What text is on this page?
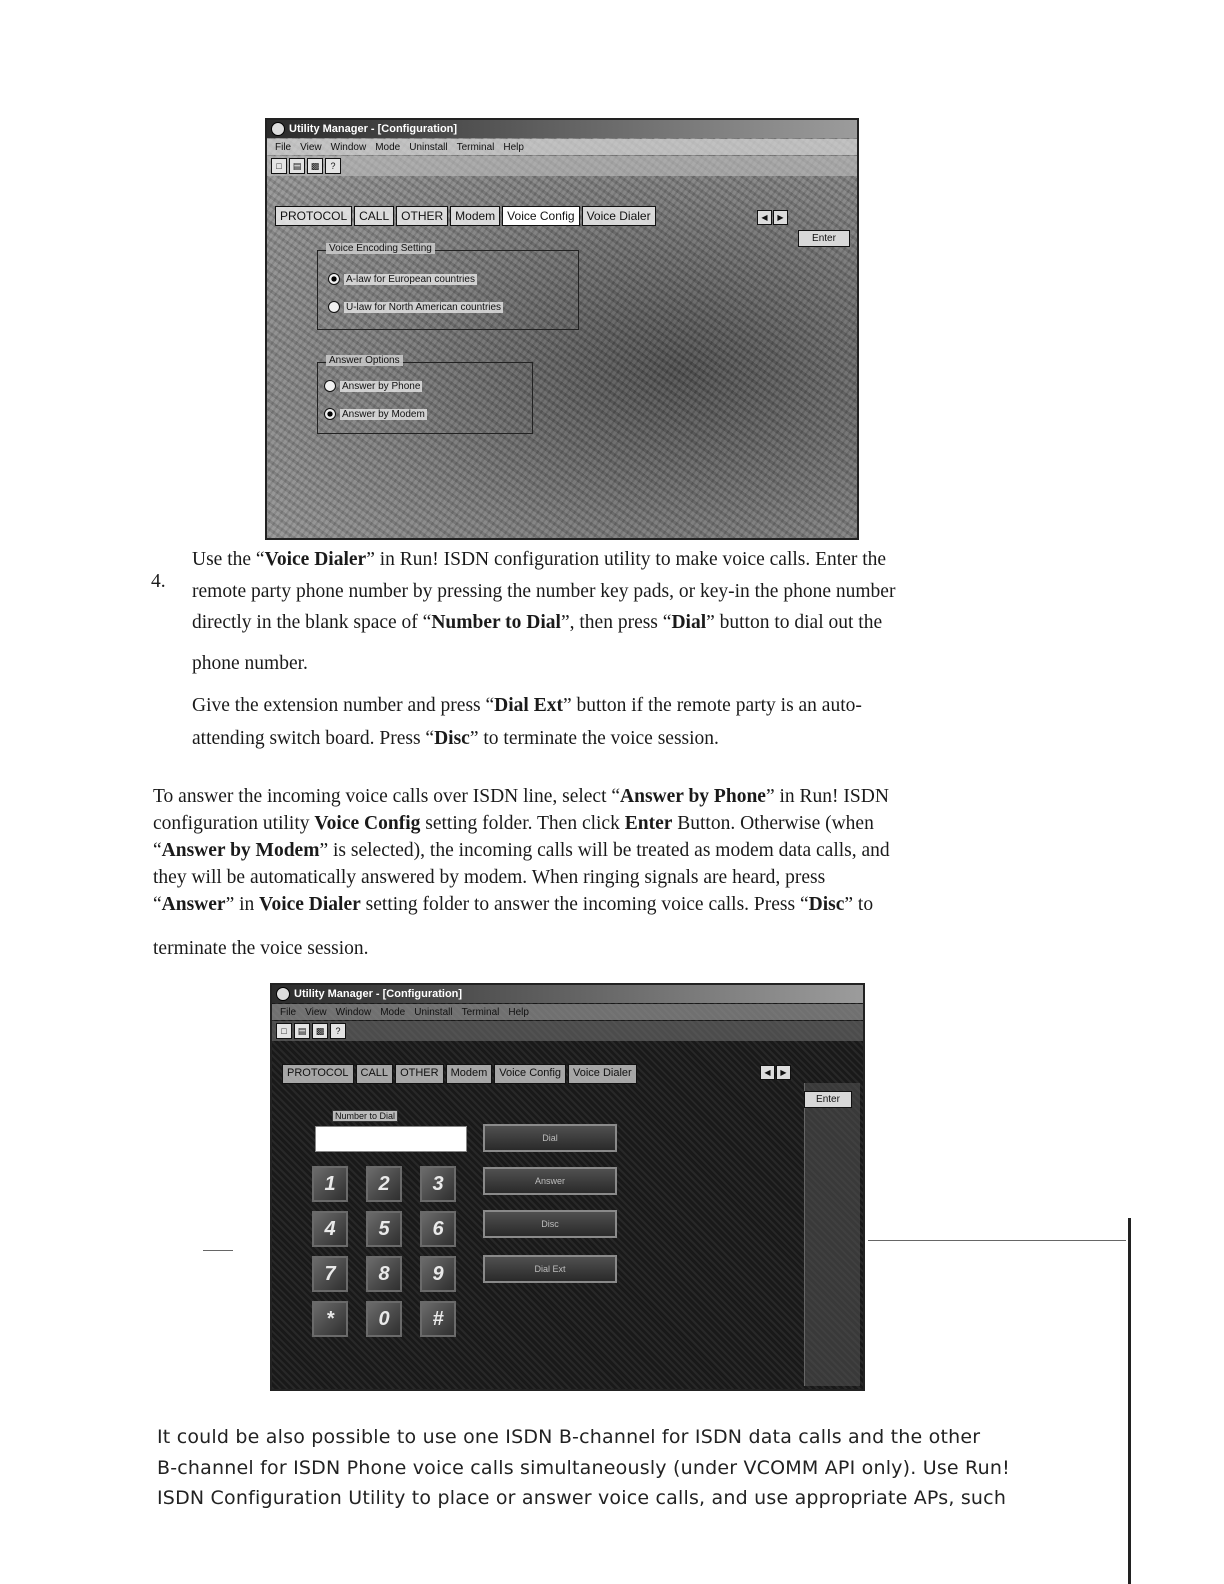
Utility Manager - [Configuration]
File View Window Mode Uninstall Terminal Help
□	▤	▩	?
PROTOCOL	CALL	OTHER	Modem	Voice Config	Voice Dialer	◀	▶
Enter
Voice Encoding Setting
A-law for European countries
U-law for North American countries
Answer Options
Answer by Phone
Answer by Modem
4.
Use the “Voice Dialer” in Run! ISDN configuration utility to make voice calls. Enter the
remote party phone number by pressing the number key pads, or key-in the phone number
directly in the blank space of “Number to Dial”, then press “Dial” button to dial out the
phone number.
Give the extension number and press “Dial Ext” button if the remote party is an auto-
attending switch board. Press “Disc” to terminate the voice session.
To answer the incoming voice calls over ISDN line, select “Answer by Phone” in Run! ISDN
configuration utility Voice Config setting folder. Then click Enter Button. Otherwise (when
“Answer by Modem” is selected), the incoming calls will be treated as modem data calls, and
they will be automatically answered by modem. When ringing signals are heard, press
“Answer” in Voice Dialer setting folder to answer the incoming voice calls. Press “Disc” to
terminate the voice session.
Utility Manager - [Configuration]
File View Window Mode Uninstall Terminal Help
□	▤	▩	?
PROTOCOL	CALL	OTHER	Modem	Voice Config	Voice Dialer	◀	▶
Enter
Number to Dial
1	2	3
4	5	6
7	8	9
*	0	#
Dial
Answer
Disc
Dial Ext
It could be also possible to use one ISDN B-channel for ISDN data calls and the other
B-channel for ISDN Phone voice calls simultaneously (under VCOMM API only). Use Run!
ISDN Configuration Utility to place or answer voice calls, and use appropriate APs, such
